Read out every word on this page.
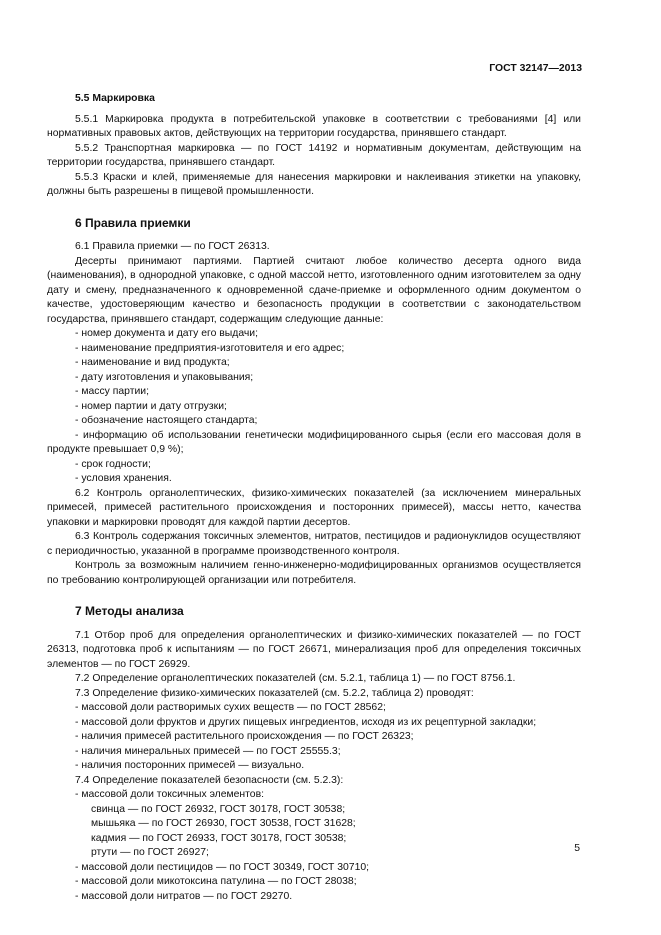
ГОСТ 32147—2013
5.5 Маркировка

5.5.1 Маркировка продукта в потребительской упаковке в соответствии с требованиями [4] или нормативных правовых актов, действующих на территории государства, принявшего стандарт.

5.5.2 Транспортная маркировка — по ГОСТ 14192 и нормативным документам, действующим на территории государства, принявшего стандарт.

5.5.3 Краски и клей, применяемые для нанесения маркировки и наклеивания этикетки на упаковку, должны быть разрешены в пищевой промышленности.

6 Правила приемки

6.1 Правила приемки — по ГОСТ 26313.

Десерты принимают партиями. Партией считают любое количество десерта одного вида (наименования), в однородной упаковке, с одной массой нетто, изготовленного одним изготовителем за одну дату и смену, предназначенного к одновременной сдаче-приемке и оформленного одним документом о качестве, удостоверяющим качество и безопасность продукции в соответствии с законодательством государства, принявшего стандарт, содержащим следующие данные:

- номер документа и дату его выдачи;

- наименование предприятия-изготовителя и его адрес;

- наименование и вид продукта;

- дату изготовления и упаковывания;

- массу партии;

- номер партии и дату отгрузки;

- обозначение настоящего стандарта;

- информацию об использовании генетически модифицированного сырья (если его массовая доля в продукте превышает 0,9 %);

- срок годности;

- условия хранения.

6.2 Контроль органолептических, физико-химических показателей (за исключением минеральных примесей, примесей растительного происхождения и посторонних примесей), массы нетто, качества упаковки и маркировки проводят для каждой партии десертов.

6.3 Контроль содержания токсичных элементов, нитратов, пестицидов и радионуклидов осуществляют с периодичностью, указанной в программе производственного контроля.

Контроль за возможным наличием генно-инженерно-модифицированных организмов осуществляется по требованию контролирующей организации или потребителя.

7 Методы анализа

7.1 Отбор проб для определения органолептических и физико-химических показателей — по ГОСТ 26313, подготовка проб к испытаниям — по ГОСТ 26671, минерализация проб для определения токсичных элементов — по ГОСТ 26929.

7.2 Определение органолептических показателей (см. 5.2.1, таблица 1) — по ГОСТ 8756.1.

7.3 Определение физико-химических показателей (см. 5.2.2, таблица 2) проводят:

- массовой доли растворимых сухих веществ — по ГОСТ 28562;

- массовой доли фруктов и других пищевых ингредиентов, исходя из их рецептурной закладки;

- наличия примесей растительного происхождения — по ГОСТ 26323;

- наличия минеральных примесей — по ГОСТ 25555.3;

- наличия посторонних примесей — визуально.

7.4 Определение показателей безопасности (см. 5.2.3):

- массовой доли токсичных элементов:

свинца — по ГОСТ 26932, ГОСТ 30178, ГОСТ 30538;

мышьяка — по ГОСТ 26930, ГОСТ 30538, ГОСТ 31628;

кадмия — по ГОСТ 26933, ГОСТ 30178, ГОСТ 30538;

ртути — по ГОСТ 26927;

- массовой доли пестицидов — по ГОСТ 30349, ГОСТ 30710;

- массовой доли микотоксина патулина — по ГОСТ 28038;

- массовой доли нитратов — по ГОСТ 29270.

5
